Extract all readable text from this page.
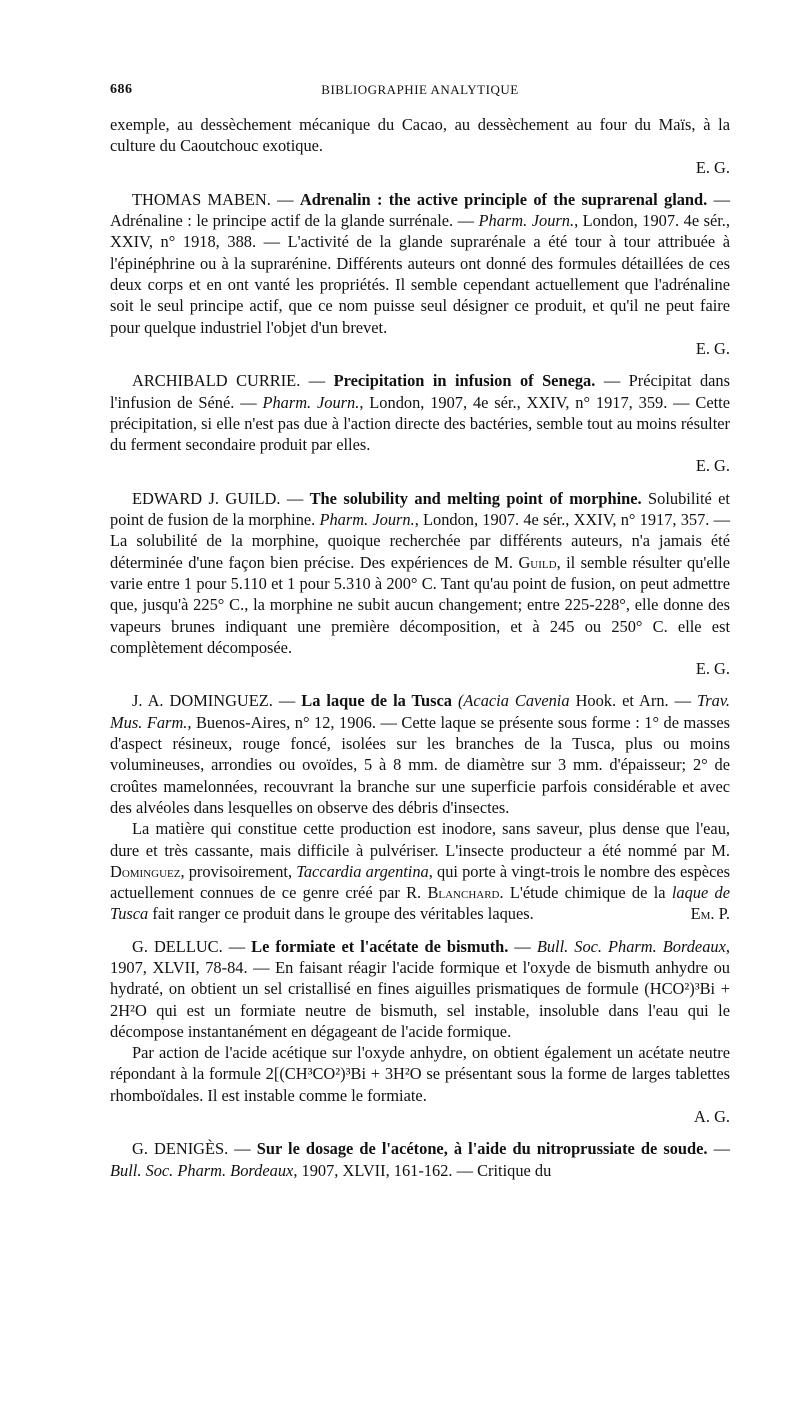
686	BIBLIOGRAPHIE ANALYTIQUE

exemple, au dessèchement mécanique du Cacao, au dessèchement au four du Maïs, à la culture du Caoutchouc exotique.

E. G.

THOMAS MABEN. — Adrenalin : the active principle of the suprarenal gland. — Adrénaline : le principe actif de la glande surrénale. — Pharm. Journ., London, 1907. 4e sér., XXIV, n° 1918, 388. — L'activité de la glande suprarénale a été tour à tour attribuée à l'épinéphrine ou à la suprarénine. Différents auteurs ont donné des formules détaillées de ces deux corps et en ont vanté les propriétés. Il semble cependant actuellement que l'adrénaline soit le seul principe actif, que ce nom puisse seul désigner ce produit, et qu'il ne peut faire pour quelque industriel l'objet d'un brevet.

E. G.

ARCHIBALD CURRIE. — Precipitation in infusion of Senega. — Précipitat dans l'infusion de Séné. — Pharm. Journ., London, 1907, 4e sér., XXIV, n° 1917, 359. — Cette précipitation, si elle n'est pas due à l'action directe des bactéries, semble tout au moins résulter du ferment secondaire produit par elles.

E. G.

EDWARD J. GUILD. — The solubility and melting point of morphine. Solubilité et point de fusion de la morphine. Pharm. Journ., London, 1907. 4e sér., XXIV, n° 1917, 357. — La solubilité de la morphine, quoique recherchée par différents auteurs, n'a jamais été déterminée d'une façon bien précise. Des expériences de M. Guild, il semble résulter qu'elle varie entre 1 pour 5.110 et 1 pour 5.310 à 200° C. Tant qu'au point de fusion, on peut admettre que, jusqu'à 225° C., la morphine ne subit aucun changement; entre 225-228°, elle donne des vapeurs brunes indiquant une première décomposition, et à 245 ou 250° C. elle est complètement décomposée.

E. G.

J. A. DOMINGUEZ. — La laque de la Tusca (Acacia Cavenia Hook. et Arn. — Trav. Mus. Farm., Buenos-Aires, n° 12, 1906. — Cette laque se présente sous forme : 1° de masses d'aspect résineux, rouge foncé, isolées sur les branches de la Tusca, plus ou moins volumineuses, arrondies ou ovoïdes, 5 à 8 mm. de diamètre sur 3 mm. d'épaisseur; 2° de croûtes mamelonnées, recouvrant la branche sur une superficie parfois considérable et avec des alvéoles dans lesquelles on observe des débris d'insectes.

La matière qui constitue cette production est inodore, sans saveur, plus dense que l'eau, dure et très cassante, mais difficile à pulvériser. L'insecte producteur a été nommé par M. Dominguez, provisoirement, Taccardia argentina, qui porte à vingt-trois le nombre des espèces actuellement connues de ce genre créé par R. Blanchard. L'étude chimique de la laque de Tusca fait ranger ce produit dans le groupe des véritables laques.	Em. P.

G. DELLUC. — Le formiate et l'acétate de bismuth. — Bull. Soc. Pharm. Bordeaux, 1907, XLVII, 78-84. — En faisant réagir l'acide formique et l'oxyde de bismuth anhydre ou hydraté, on obtient un sel cristallisé en fines aiguilles prismatiques de formule (HCO²)³Bi + 2H²O qui est un formiate neutre de bismuth, sel instable, insoluble dans l'eau qui le décompose instantanément en dégageant de l'acide formique.

Par action de l'acide acétique sur l'oxyde anhydre, on obtient également un acétate neutre répondant à la formule 2[(CH³CO²)³Bi + 3H²O se présentant sous la forme de larges tablettes rhomboïdales. Il est instable comme le formiate.

A. G.

G. DENIGÈS. — Sur le dosage de l'acétone, à l'aide du nitroprussiate de soude. — Bull. Soc. Pharm. Bordeaux, 1907, XLVII, 161-162. — Critique du
